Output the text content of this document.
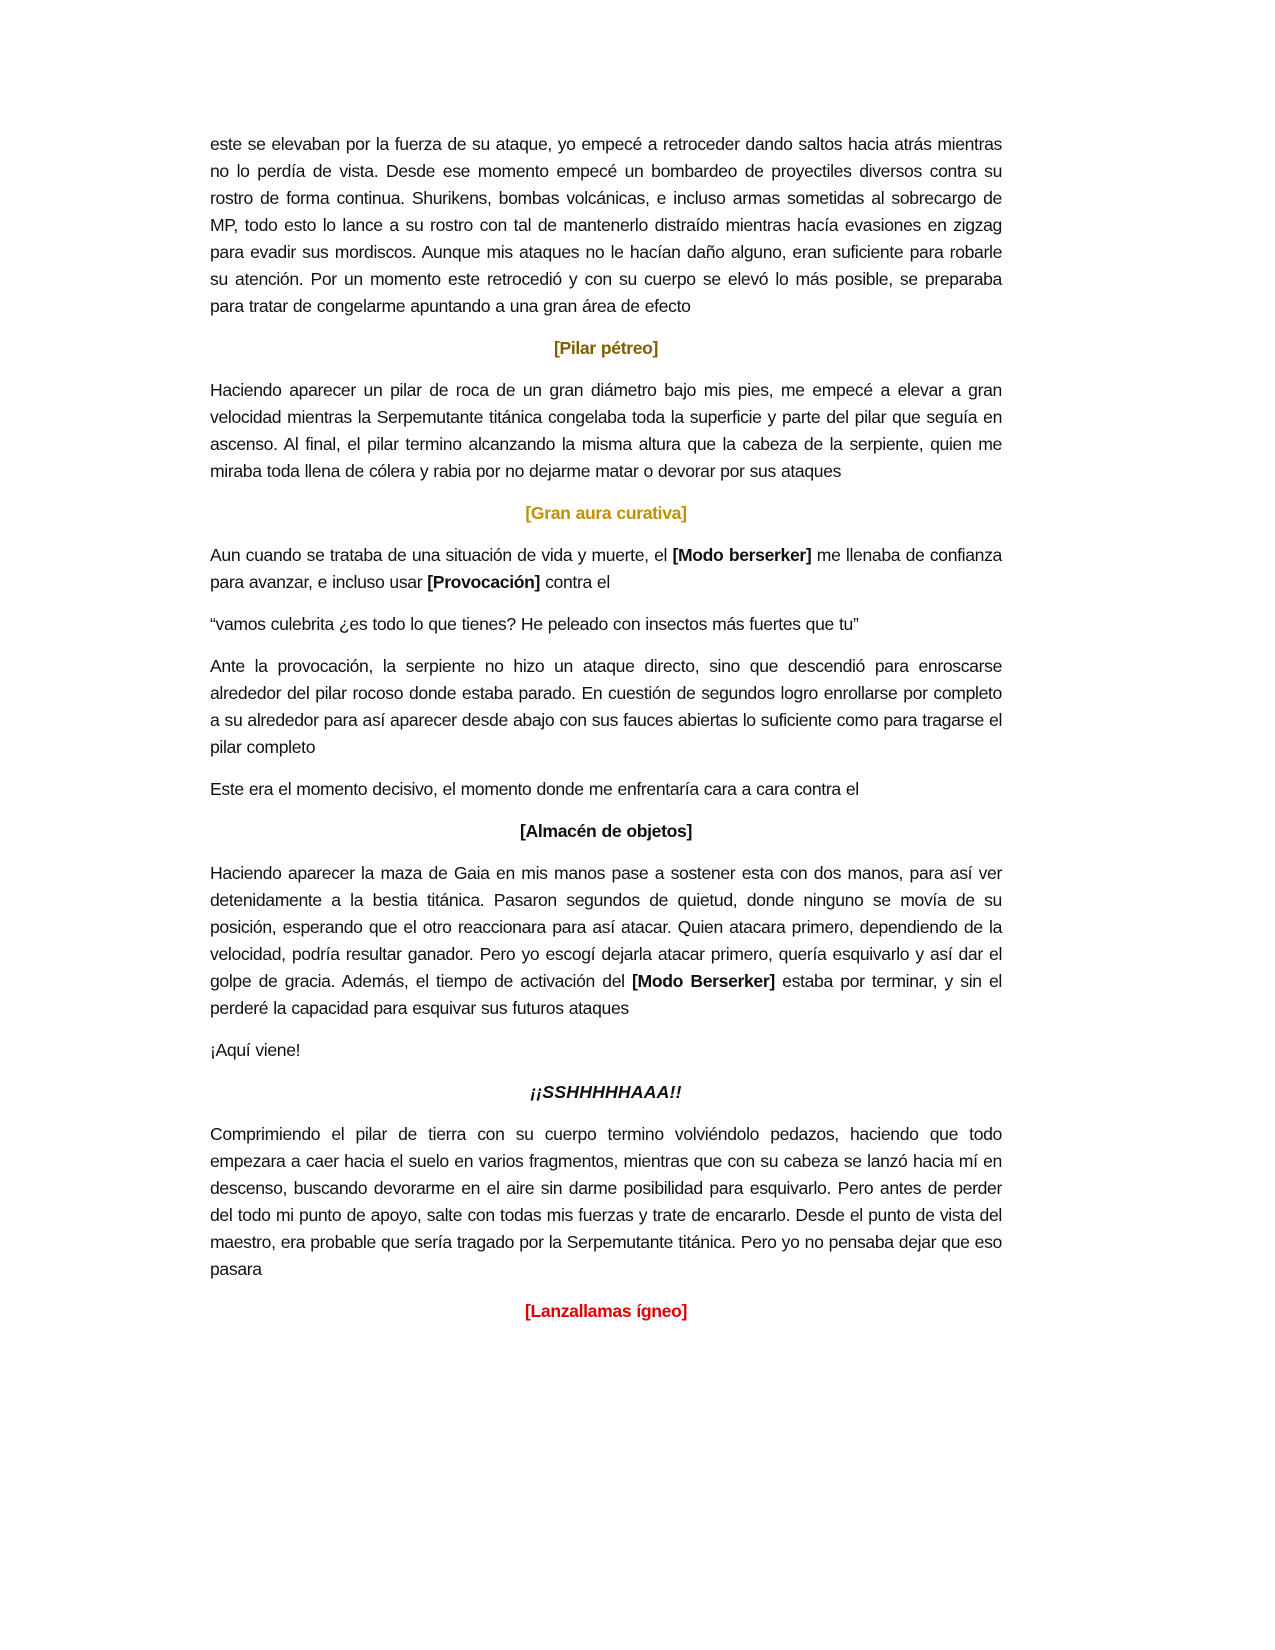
este se elevaban por la fuerza de su ataque, yo empecé a retroceder dando saltos hacia atrás mientras no lo perdía de vista. Desde ese momento empecé un bombardeo de proyectiles diversos contra su rostro de forma continua. Shurikens, bombas volcánicas, e incluso armas sometidas al sobrecargo de MP, todo esto lo lance a su rostro con tal de mantenerlo distraído mientras hacía evasiones en zigzag para evadir sus mordiscos. Aunque mis ataques no le hacían daño alguno, eran suficiente para robarle su atención. Por un momento este retrocedió y con su cuerpo se elevó lo más posible, se preparaba para tratar de congelarme apuntando a una gran área de efecto

[Pilar pétreo]

Haciendo aparecer un pilar de roca de un gran diámetro bajo mis pies, me empecé a elevar a gran velocidad mientras la Serpemutante titánica congelaba toda la superficie y parte del pilar que seguía en ascenso. Al final, el pilar termino alcanzando la misma altura que la cabeza de la serpiente, quien me miraba toda llena de cólera y rabia por no dejarme matar o devorar por sus ataques

[Gran aura curativa]

Aun cuando se trataba de una situación de vida y muerte, el [Modo berserker] me llenaba de confianza para avanzar, e incluso usar [Provocación] contra el

“vamos culebrita ¿es todo lo que tienes? He peleado con insectos más fuertes que tu”

Ante la provocación, la serpiente no hizo un ataque directo, sino que descendió para enroscarse alrededor del pilar rocoso donde estaba parado. En cuestión de segundos logro enrollarse por completo a su alrededor para así aparecer desde abajo con sus fauces abiertas lo suficiente como para tragarse el pilar completo

Este era el momento decisivo, el momento donde me enfrentaría cara a cara contra el

[Almacén de objetos]

Haciendo aparecer la maza de Gaia en mis manos pase a sostener esta con dos manos, para así ver detenidamente a la bestia titánica. Pasaron segundos de quietud, donde ninguno se movía de su posición, esperando que el otro reaccionara para así atacar. Quien atacara primero, dependiendo de la velocidad, podría resultar ganador. Pero yo escogí dejarla atacar primero, quería esquivarlo y así dar el golpe de gracia. Además, el tiempo de activación del [Modo Berserker] estaba por terminar, y sin el perderé la capacidad para esquivar sus futuros ataques

¡Aquí viene!

¡¡SSHHHHHAAA!!

Comprimiendo el pilar de tierra con su cuerpo termino volviéndolo pedazos, haciendo que todo empezara a caer hacia el suelo en varios fragmentos, mientras que con su cabeza se lanzó hacia mí en descenso, buscando devorarme en el aire sin darme posibilidad para esquivarlo. Pero antes de perder del todo mi punto de apoyo, salte con todas mis fuerzas y trate de encararlo. Desde el punto de vista del maestro, era probable que sería tragado por la Serpemutante titánica. Pero yo no pensaba dejar que eso pasara

[Lanzallamas ígneo]
